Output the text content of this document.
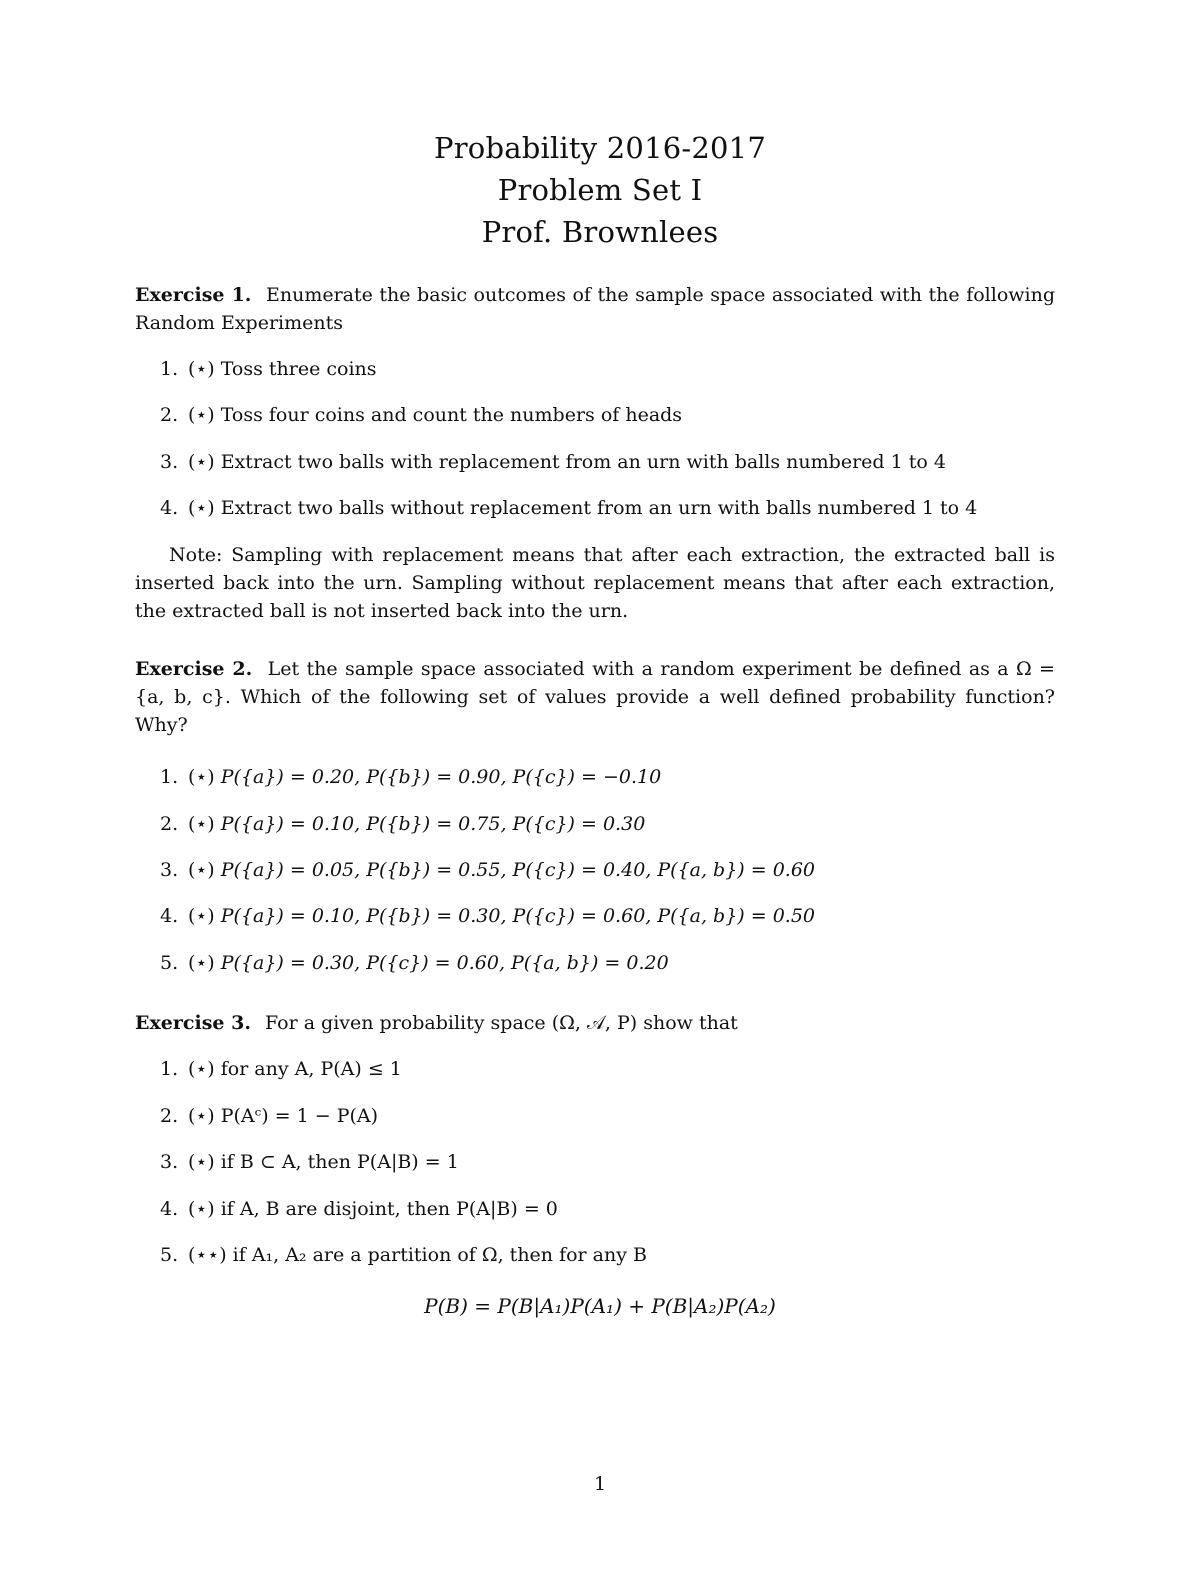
Probability 2016-2017
Problem Set I
Prof. Brownlees
Exercise 1. Enumerate the basic outcomes of the sample space associated with the following Random Experiments
1. (⋆) Toss three coins
2. (⋆) Toss four coins and count the numbers of heads
3. (⋆) Extract two balls with replacement from an urn with balls numbered 1 to 4
4. (⋆) Extract two balls without replacement from an urn with balls numbered 1 to 4
Note: Sampling with replacement means that after each extraction, the extracted ball is inserted back into the urn. Sampling without replacement means that after each extraction, the extracted ball is not inserted back into the urn.
Exercise 2. Let the sample space associated with a random experiment be defined as a Ω = {a, b, c}. Which of the following set of values provide a well defined probability function? Why?
1. (⋆) P({a}) = 0.20, P({b}) = 0.90, P({c}) = −0.10
2. (⋆) P({a}) = 0.10, P({b}) = 0.75, P({c}) = 0.30
3. (⋆) P({a}) = 0.05, P({b}) = 0.55, P({c}) = 0.40, P({a, b}) = 0.60
4. (⋆) P({a}) = 0.10, P({b}) = 0.30, P({c}) = 0.60, P({a, b}) = 0.50
5. (⋆) P({a}) = 0.30, P({c}) = 0.60, P({a, b}) = 0.20
Exercise 3. For a given probability space (Ω, 𝒜, P) show that
1. (⋆) for any A, P(A) ≤ 1
2. (⋆) P(Aᶜ) = 1 − P(A)
3. (⋆) if B ⊂ A, then P(A|B) = 1
4. (⋆) if A, B are disjoint, then P(A|B) = 0
5. (⋆⋆) if A₁, A₂ are a partition of Ω, then for any B
P(B) = P(B|A₁)P(A₁) + P(B|A₂)P(A₂)
1
